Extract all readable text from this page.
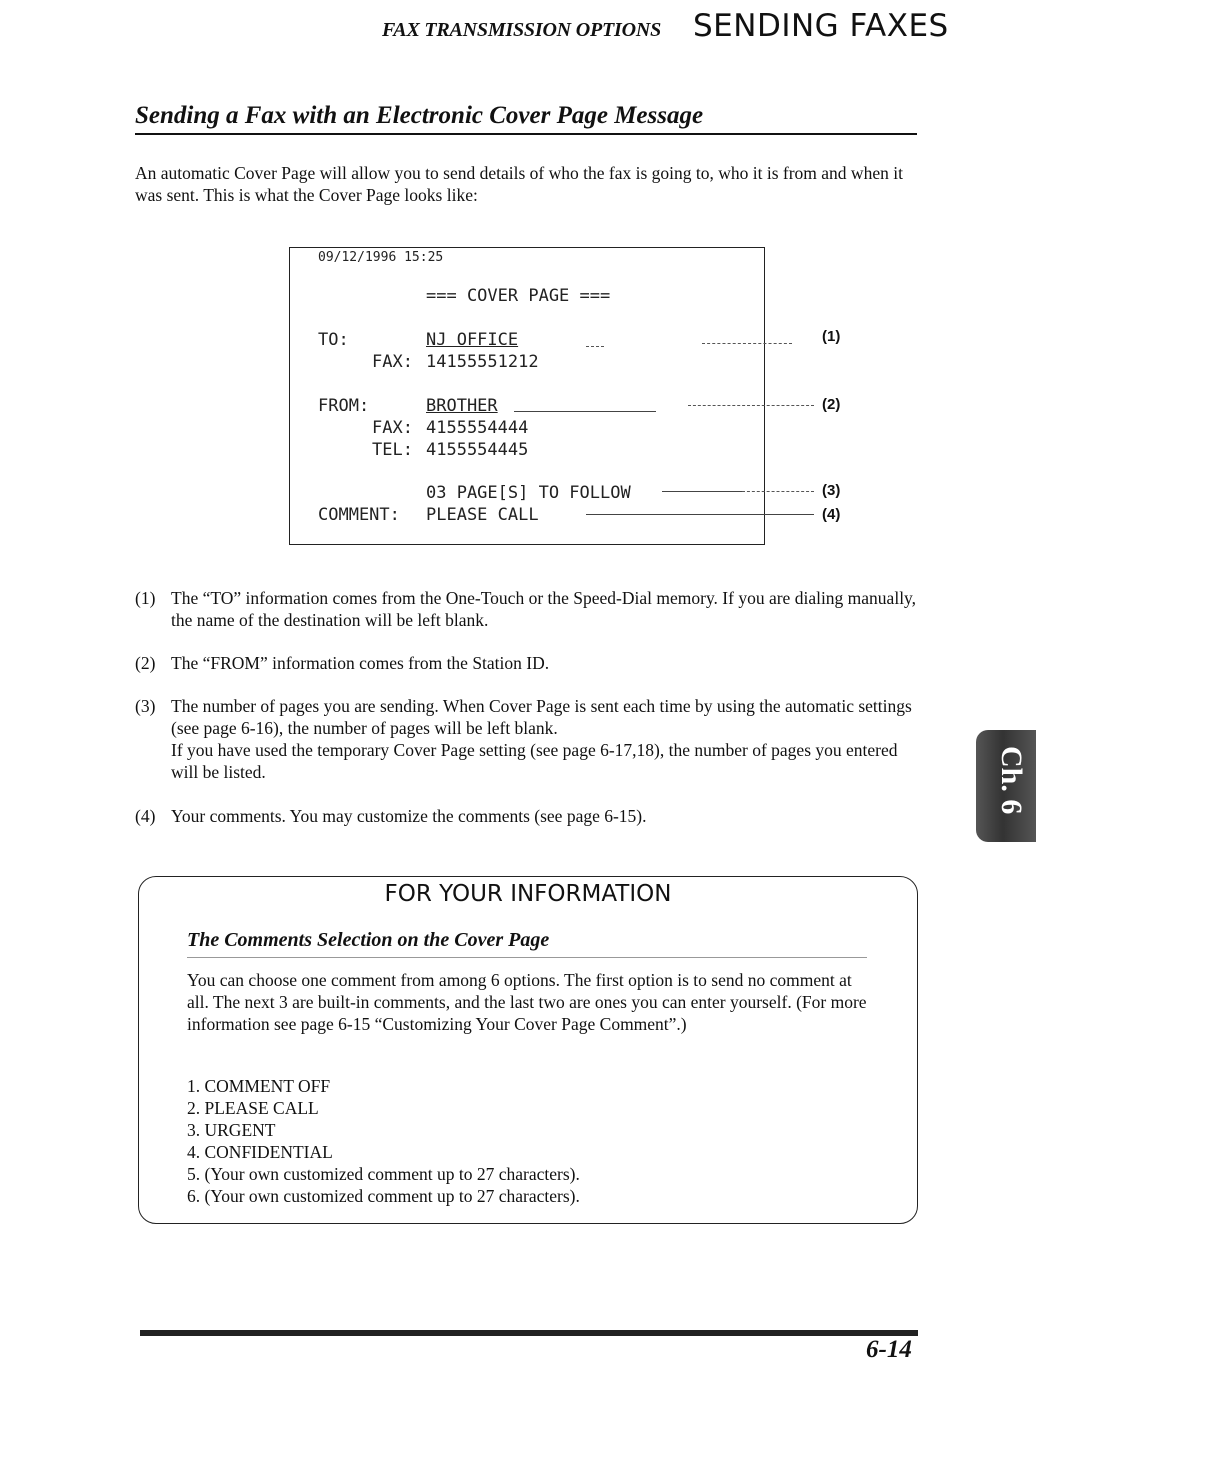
FAX TRANSMISSION OPTIONS SENDING FAXES
Sending a Fax with an Electronic Cover Page Message
An automatic Cover Page will allow you to send details of who the fax is going to, who it is from and when it was sent. This is what the Cover Page looks like:
09/12/1996 15:25
=== COVER PAGE ===
TO:	NJ OFFICE
FAX: 14155551212
FROM:	BROTHER
FAX: 4155554444
TEL: 4155554445
03 PAGE[S] TO FOLLOW
COMMENT: PLEASE CALL
(1)
(2)
(3)
(4)
(1) The “TO” information comes from the One-Touch or the Speed-Dial memory. If you are dialing manually, the name of the destination will be left blank.
(2) The “FROM” information comes from the Station ID.
(3) The number of pages you are sending. When Cover Page is sent each time by using the automatic settings (see page 6-16), the number of pages will be left blank.
If you have used the temporary Cover Page setting (see page 6-17,18), the number of pages you entered will be listed.
(4) Your comments. You may customize the comments (see page 6-15).
Ch. 6
FOR YOUR INFORMATION
The Comments Selection on the Cover Page
You can choose one comment from among 6 options. The first option is to send no comment at all. The next 3 are built-in comments, and the last two are ones you can enter yourself. (For more information see page 6-15 “Customizing Your Cover Page Comment”.)
1. COMMENT OFF
2. PLEASE CALL
3. URGENT
4. CONFIDENTIAL
5. (Your own customized comment up to 27 characters).
6. (Your own customized comment up to 27 characters).
6-14
